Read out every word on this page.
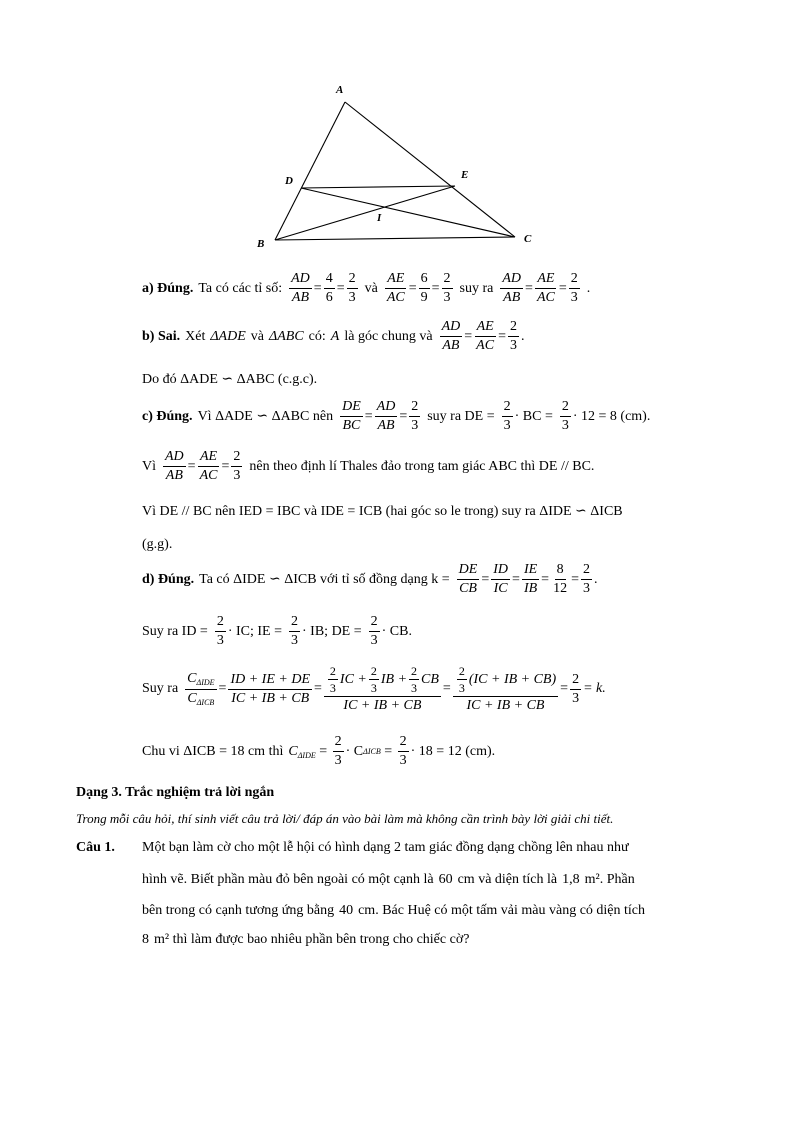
A
D	E
I
B	C
a) Đúng. Ta có các tỉ số: $\frac{AD}{AB} = \frac{4}{6} = \frac{2}{3}$ và $\frac{AE}{AC} = \frac{6}{9} = \frac{2}{3}$ suy ra $\frac{AD}{AB} = \frac{AE}{AC} = \frac{2}{3}$ .
b) Sai. Xét ΔADE và ΔABC có: A là góc chung và $\frac{AD}{AB} = \frac{AE}{AC} = \frac{2}{3}$ .
Do đó ΔADE ∽ ΔABC (c.g.c).
c) Đúng. Vì ΔADE ∽ ΔABC nên $\frac{DE}{BC} = \frac{AD}{AB} = \frac{2}{3}$ suy ra DE = $\frac{2}{3}$ · BC = $\frac{2}{3} \cdot 12 = 8$ (cm).
Vì $\frac{AD}{AB} = \frac{AE}{AC} = \frac{2}{3}$ nên theo định lí Thales đảo trong tam giác ABC thì DE // BC.
Vì DE // BC nên IED = IBC và IDE = ICB (hai góc so le trong) suy ra ΔIDE ∽ ΔICB
(g.g).
d) Đúng. Ta có ΔIDE ∽ ΔICB với tỉ số đồng dạng $k = \frac{DE}{CB} = \frac{ID}{IC} = \frac{IE}{IB} = \frac{8}{12} = \frac{2}{3}$ .
Suy ra ID = $\frac{2}{3}$ · IC; IE = $\frac{2}{3}$ · IB; DE = $\frac{2}{3}$ · CB.
Suy ra $\frac{C_{\Delta IDE}}{C_{\Delta ICB}} = \frac{ID + IE + DE}{IC + IB + CB} = \frac{\frac{2}{3} IC + \frac{2}{3} IB + \frac{2}{3} CB}{IC + IB + CB} = \frac{\frac{2}{3} (IC + IB + CB)}{IC + IB + CB} = \frac{2}{3} = k$.
Chu vi ΔICB = 18 cm thì $C_{\Delta IDE} = \frac{2}{3} \cdot C$ $\Delta ICB = \frac{2}{3} \cdot 18 = 12$ (cm).
Dạng 3. Trắc nghiệm trả lời ngắn
Trong mỗi câu hỏi, thí sinh viết câu trả lời/ đáp án vào bài làm mà không cần trình bày lời giải chi tiết.
Câu 1. Một bạn làm cờ cho một lễ hội có hình dạng 2 tam giác đồng dạng chồng lên nhau như
hình vẽ. Biết phần màu đỏ bên ngoài có một cạnh là 60 cm và diện tích là 1,8 m². Phần
bên trong có cạnh tương ứng bằng 40 cm. Bác Huệ có một tấm vải màu vàng có diện tích
8 m² thì làm được bao nhiêu phần bên trong cho chiếc cờ?
